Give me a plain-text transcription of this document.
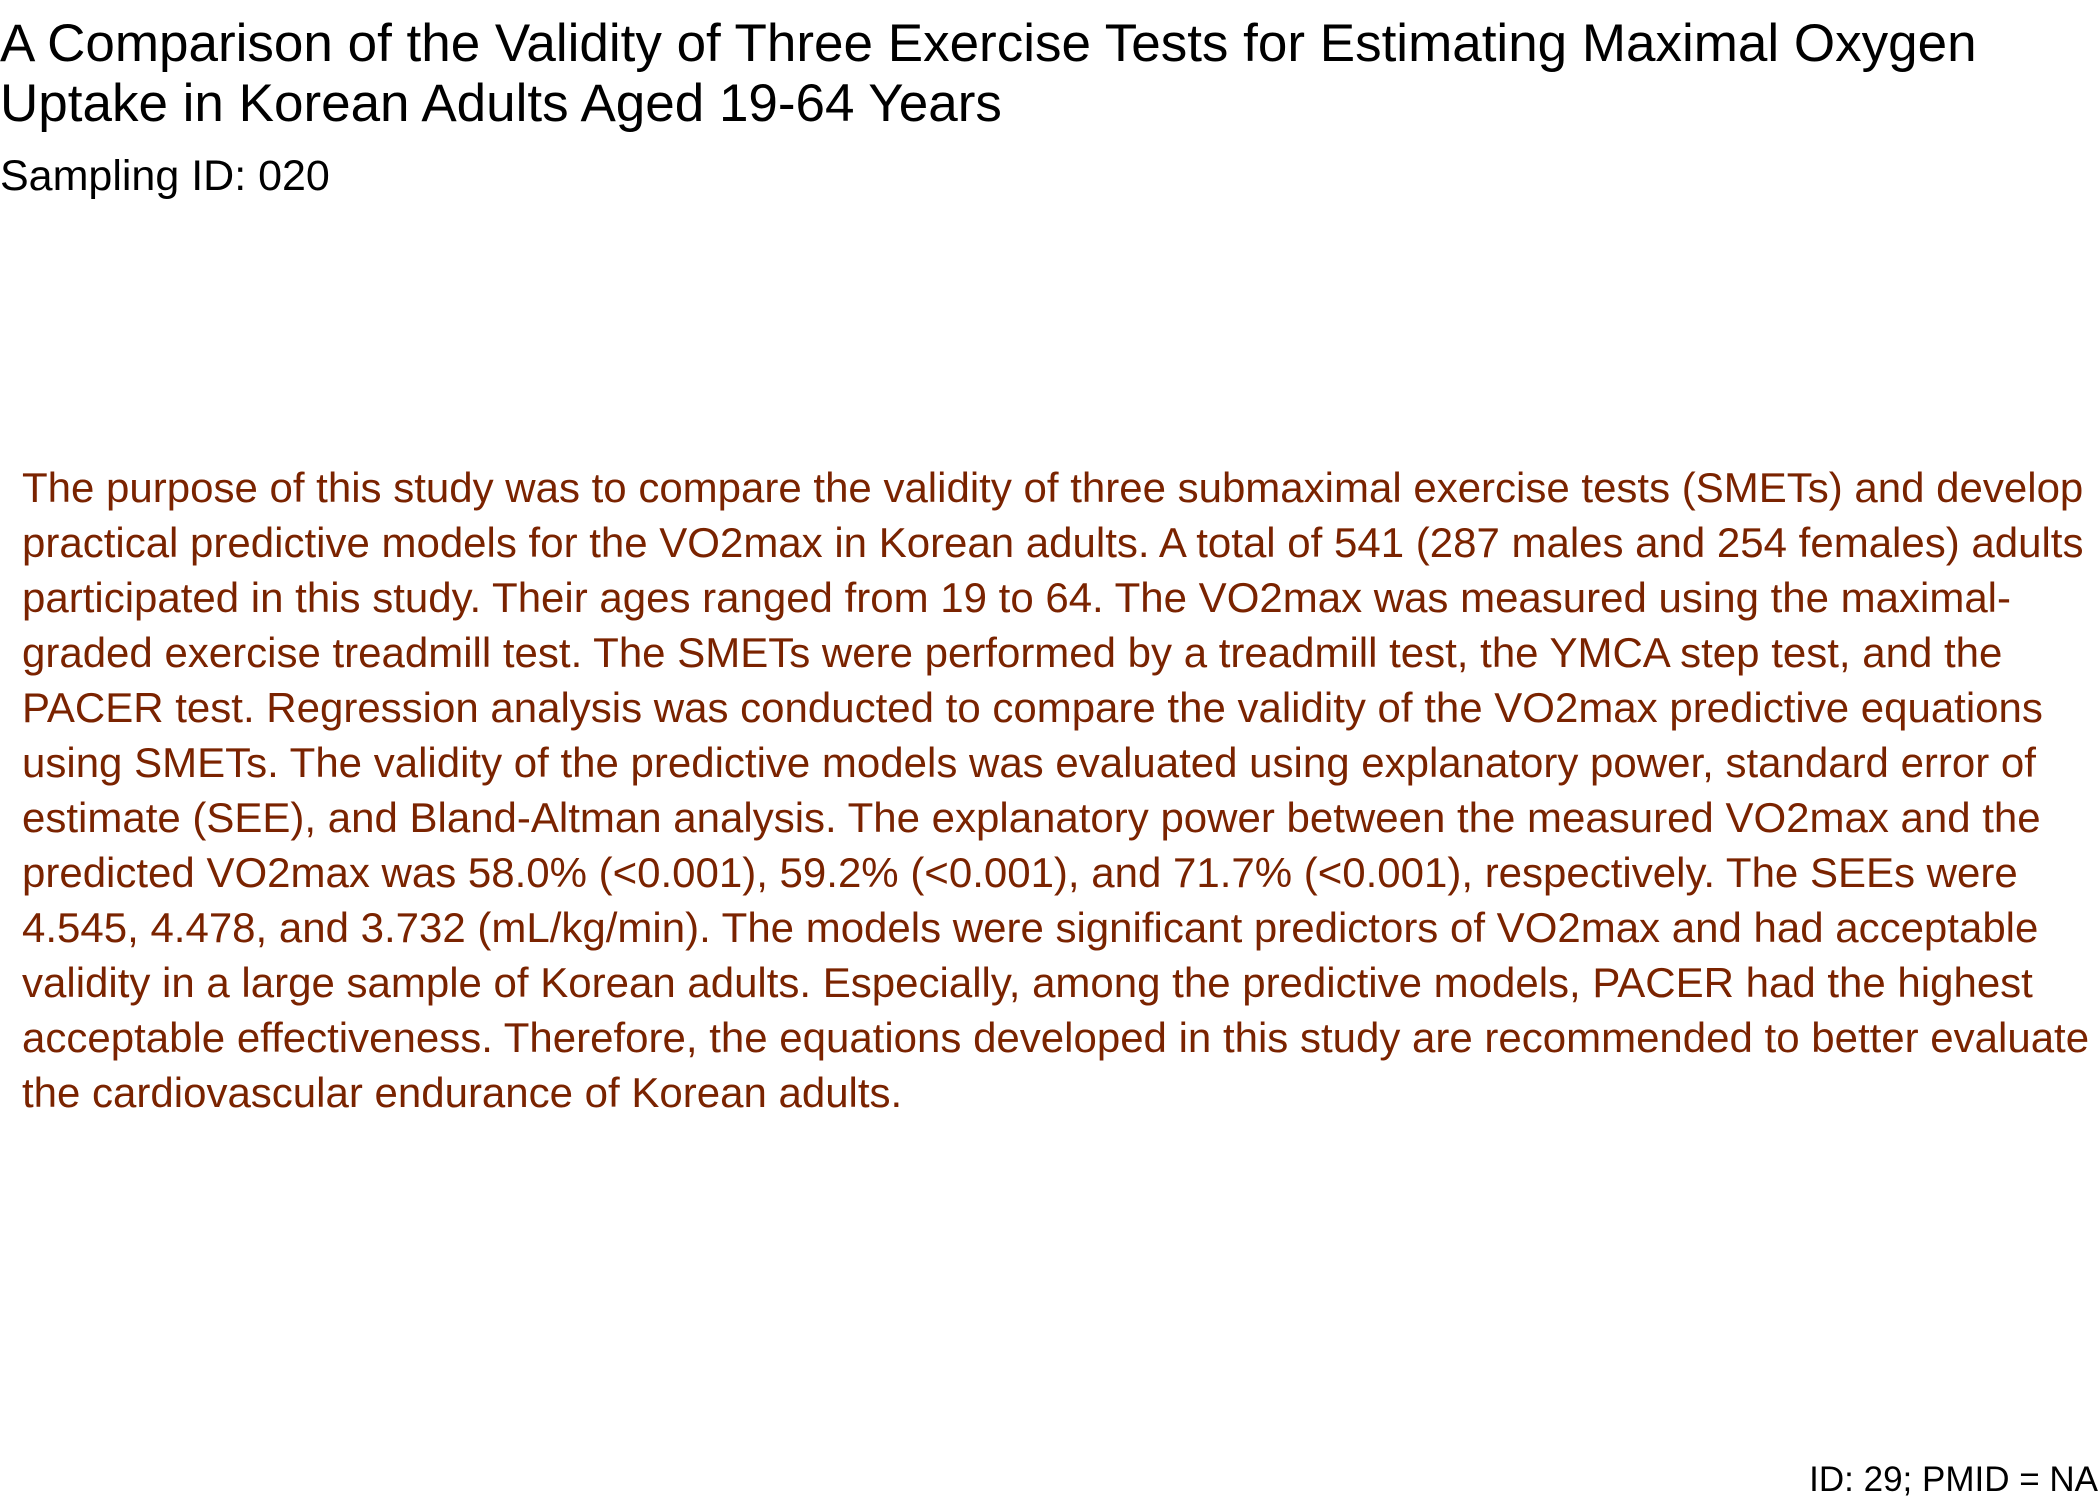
A Comparison of the Validity of Three Exercise Tests for Estimating Maximal Oxygen Uptake in Korean Adults Aged 19-64 Years
Sampling ID: 020

The purpose of this study was to compare the validity of three submaximal exercise tests (SMETs) and develop practical predictive models for the VO2max in Korean adults. A total of 541 (287 males and 254 females) adults participated in this study. Their ages ranged from 19 to 64. The VO2max was measured using the maximal-graded exercise treadmill test. The SMETs were performed by a treadmill test, the YMCA step test, and the PACER test. Regression analysis was conducted to compare the validity of the VO2max predictive equations using SMETs. The validity of the predictive models was evaluated using explanatory power, standard error of estimate (SEE), and Bland-Altman analysis. The explanatory power between the measured VO2max and the predicted VO2max was 58.0% (<0.001), 59.2% (<0.001), and 71.7% (<0.001), respectively. The SEEs were 4.545, 4.478, and 3.732 (mL/kg/min). The models were significant predictors of VO2max and had acceptable validity in a large sample of Korean adults. Especially, among the predictive models, PACER had the highest acceptable effectiveness. Therefore, the equations developed in this study are recommended to better evaluate the cardiovascular endurance of Korean adults.

ID: 29; PMID = NA
